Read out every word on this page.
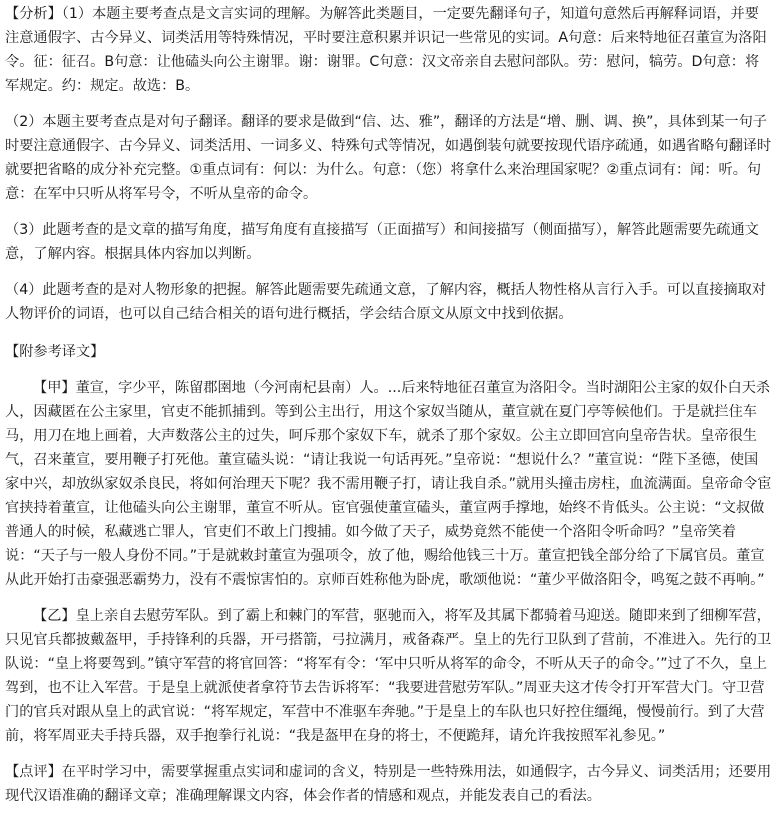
【分析】（1）本题主要考查点是文言实词的理解。为解答此类题目，一定要先翻译句子，知道句意然后再解释词语，并要注意通假字、古今异义、词类活用等特殊情况，平时要注意积累并识记一些常见的实词。A句意：后来特地征召董宣为洛阳令。征：征召。B句意：让他磕头向公主谢罪。谢：谢罪。C句意：汉文帝亲自去慰问部队。劳：慰问，犒劳。D句意：将军规定。约：规定。故选：B。

（2）本题主要考查点是对句子翻译。翻译的要求是做到“信、达、雅”，翻译的方法是“增、删、调、换”，具体到某一句子时要注意通假字、古今异义、词类活用、一词多义、特殊句式等情况，如遇倒装句就要按现代语序疏通，如遇省略句翻译时就要把省略的成分补充完整。①重点词有：何以：为什么。句意：（您）将拿什么来治理国家呢？②重点词有：闻：听。句意：在军中只听从将军号令，不听从皇帝的命令。

（3）此题考查的是文章的描写角度，描写角度有直接描写（正面描写）和间接描写（侧面描写），解答此题需要先疏通文意，了解内容。根据具体内容加以判断。

（4）此题考查的是对人物形象的把握。解答此题需要先疏通文意，了解内容，概括人物性格从言行入手。可以直接摘取对人物评价的词语，也可以自己结合相关的语句进行概括，学会结合原文从原文中找到依据。

【附参考译文】

【甲】董宣，字少平，陈留郡圉地（今河南杞县南）人。...后来特地征召董宣为洛阳令。当时湖阳公主家的奴仆白天杀人，因藏匿在公主家里，官吏不能抓捕到。等到公主出行，用这个家奴当随从，董宣就在夏门亭等候他们。于是就拦住车马，用刀在地上画着，大声数落公主的过失，呵斥那个家奴下车，就杀了那个家奴。公主立即回宫向皇帝告状。皇帝很生气，召来董宣，要用鞭子打死他。董宣磕头说：“请让我说一句话再死。”皇帝说：“想说什么？”董宣说：“陛下圣德，使国家中兴，却放纵家奴杀良民，将如何治理天下呢？我不需用鞭子打，请让我自杀。”就用头撞击房柱，血流满面。皇帝命令宦官挟持着董宣，让他磕头向公主谢罪，董宣不听从。宦官强使董宣磕头，董宣两手撑地，始终不肯低头。公主说：“文叔做普通人的时候，私藏逃亡罪人，官吏们不敢上门搜捕。如今做了天子，威势竟然不能使一个洛阳令听命吗？”皇帝笑着说：“天子与一般人身份不同。”于是就敕封董宣为强项令，放了他，赐给他钱三十万。董宣把钱全部分给了下属官员。董宣从此开始打击豪强恶霸势力，没有不震惊害怕的。京师百姓称他为卧虎，歌颂他说：“董少平做洛阳令，鸣冤之鼓不再响。”

【乙】皇上亲自去慰劳军队。到了霸上和棘门的军营，驱驰而入，将军及其属下都骑着马迎送。随即来到了细柳军营，只见官兵都披戴盔甲，手持锋利的兵器，开弓搭箭，弓拉满月，戒备森严。皇上的先行卫队到了营前，不准进入。先行的卫队说：“皇上将要驾到。”镇守军营的将官回答：“将军有令：‘军中只听从将军的命令，不听从天子的命令。’”过了不久，皇上驾到，也不让入军营。于是皇上就派使者拿符节去告诉将军：“我要进营慰劳军队。”周亚夫这才传令打开军营大门。守卫营门的官兵对跟从皇上的武官说：“将军规定，军营中不准驱车奔驰。”于是皇上的车队也只好控住缰绳，慢慢前行。到了大营前，将军周亚夫手持兵器，双手抱拳行礼说：“我是盔甲在身的将士，不便跪拜，请允许我按照军礼参见。”

【点评】在平时学习中，需要掌握重点实词和虚词的含义，特别是一些特殊用法，如通假字，古今异义、词类活用；还要用现代汉语准确的翻译文章；准确理解课文内容，体会作者的情感和观点，并能发表自己的看法。
